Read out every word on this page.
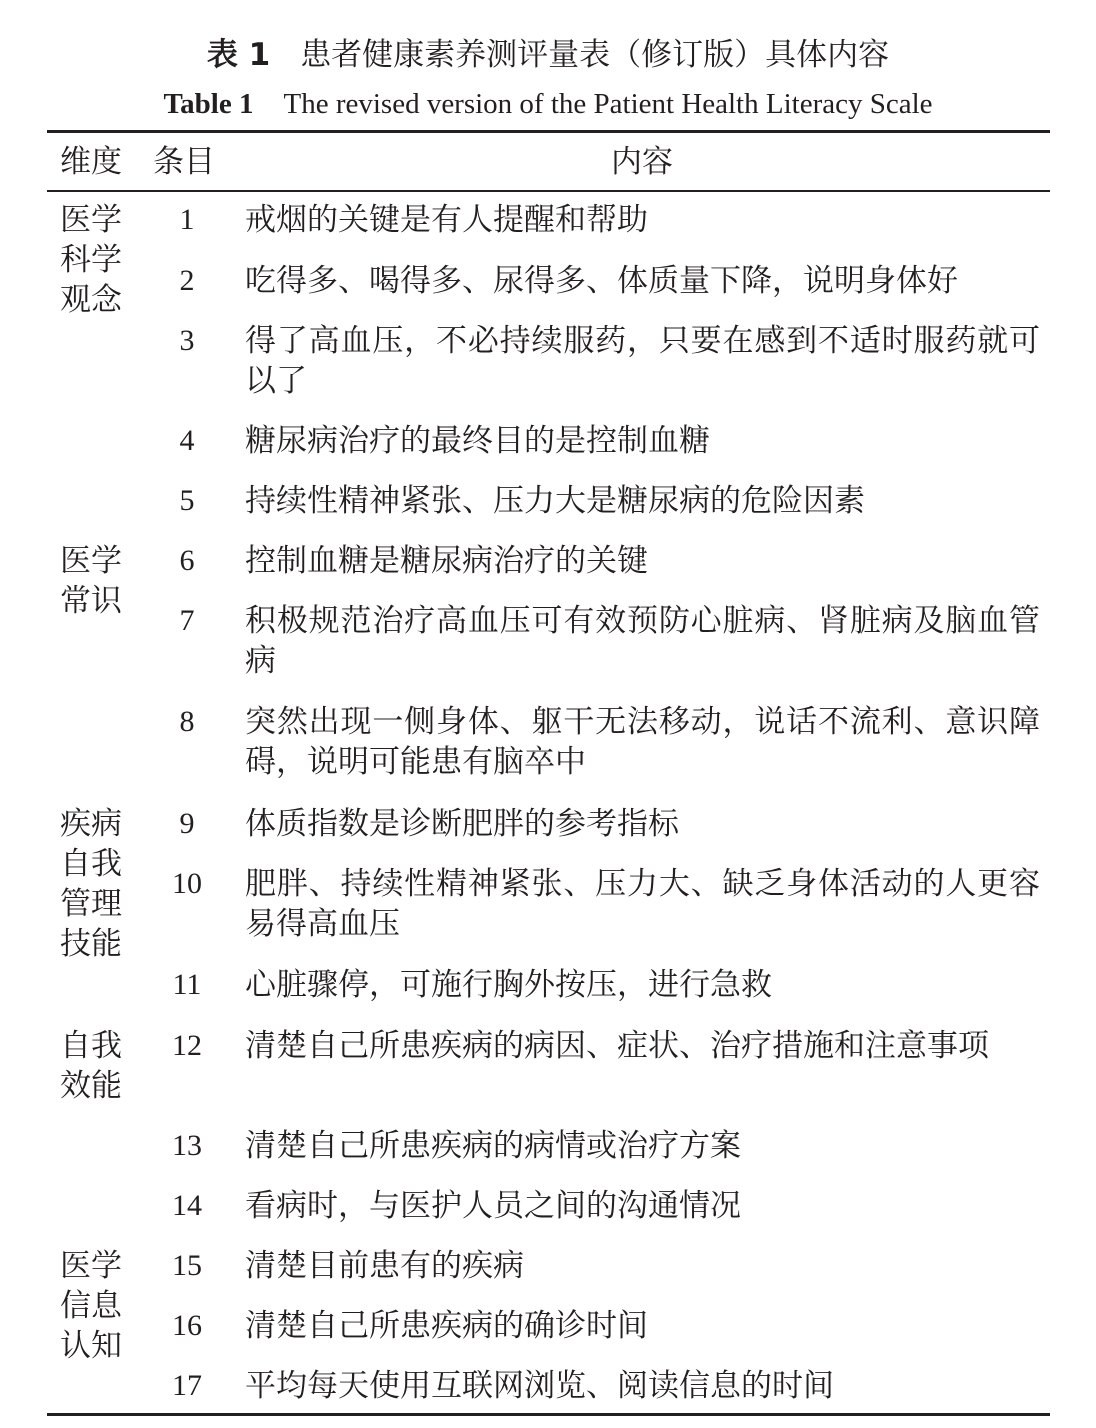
表 1 患者健康素养测评量表（修订版）具体内容
Table 1 The revised version of the Patient Health Literacy Scale
维度 条目	内容
医学科学观念
医学常识
疾病自我管理技能
自我效能
医学信息认知
1
2
3
4
5
6
7
8
9
10
11
12
13
14
15
16
17
戒烟的关键是有人提醒和帮助
吃得多、喝得多、尿得多、体质量下降，说明身体好
得了高血压，不必持续服药，只要在感到不适时服药就可以了
糖尿病治疗的最终目的是控制血糖
持续性精神紧张、压力大是糖尿病的危险因素
控制血糖是糖尿病治疗的关键
积极规范治疗高血压可有效预防心脏病、肾脏病及脑血管病
突然出现一侧身体、躯干无法移动，说话不流利、意识障碍，说明可能患有脑卒中
体质指数是诊断肥胖的参考指标
肥胖、持续性精神紧张、压力大、缺乏身体活动的人更容易得高血压
心脏骤停，可施行胸外按压，进行急救
清楚自己所患疾病的病因、症状、治疗措施和注意事项
清楚自己所患疾病的病情或治疗方案
看病时，与医护人员之间的沟通情况
清楚目前患有的疾病
清楚自己所患疾病的确诊时间
平均每天使用互联网浏览、阅读信息的时间
